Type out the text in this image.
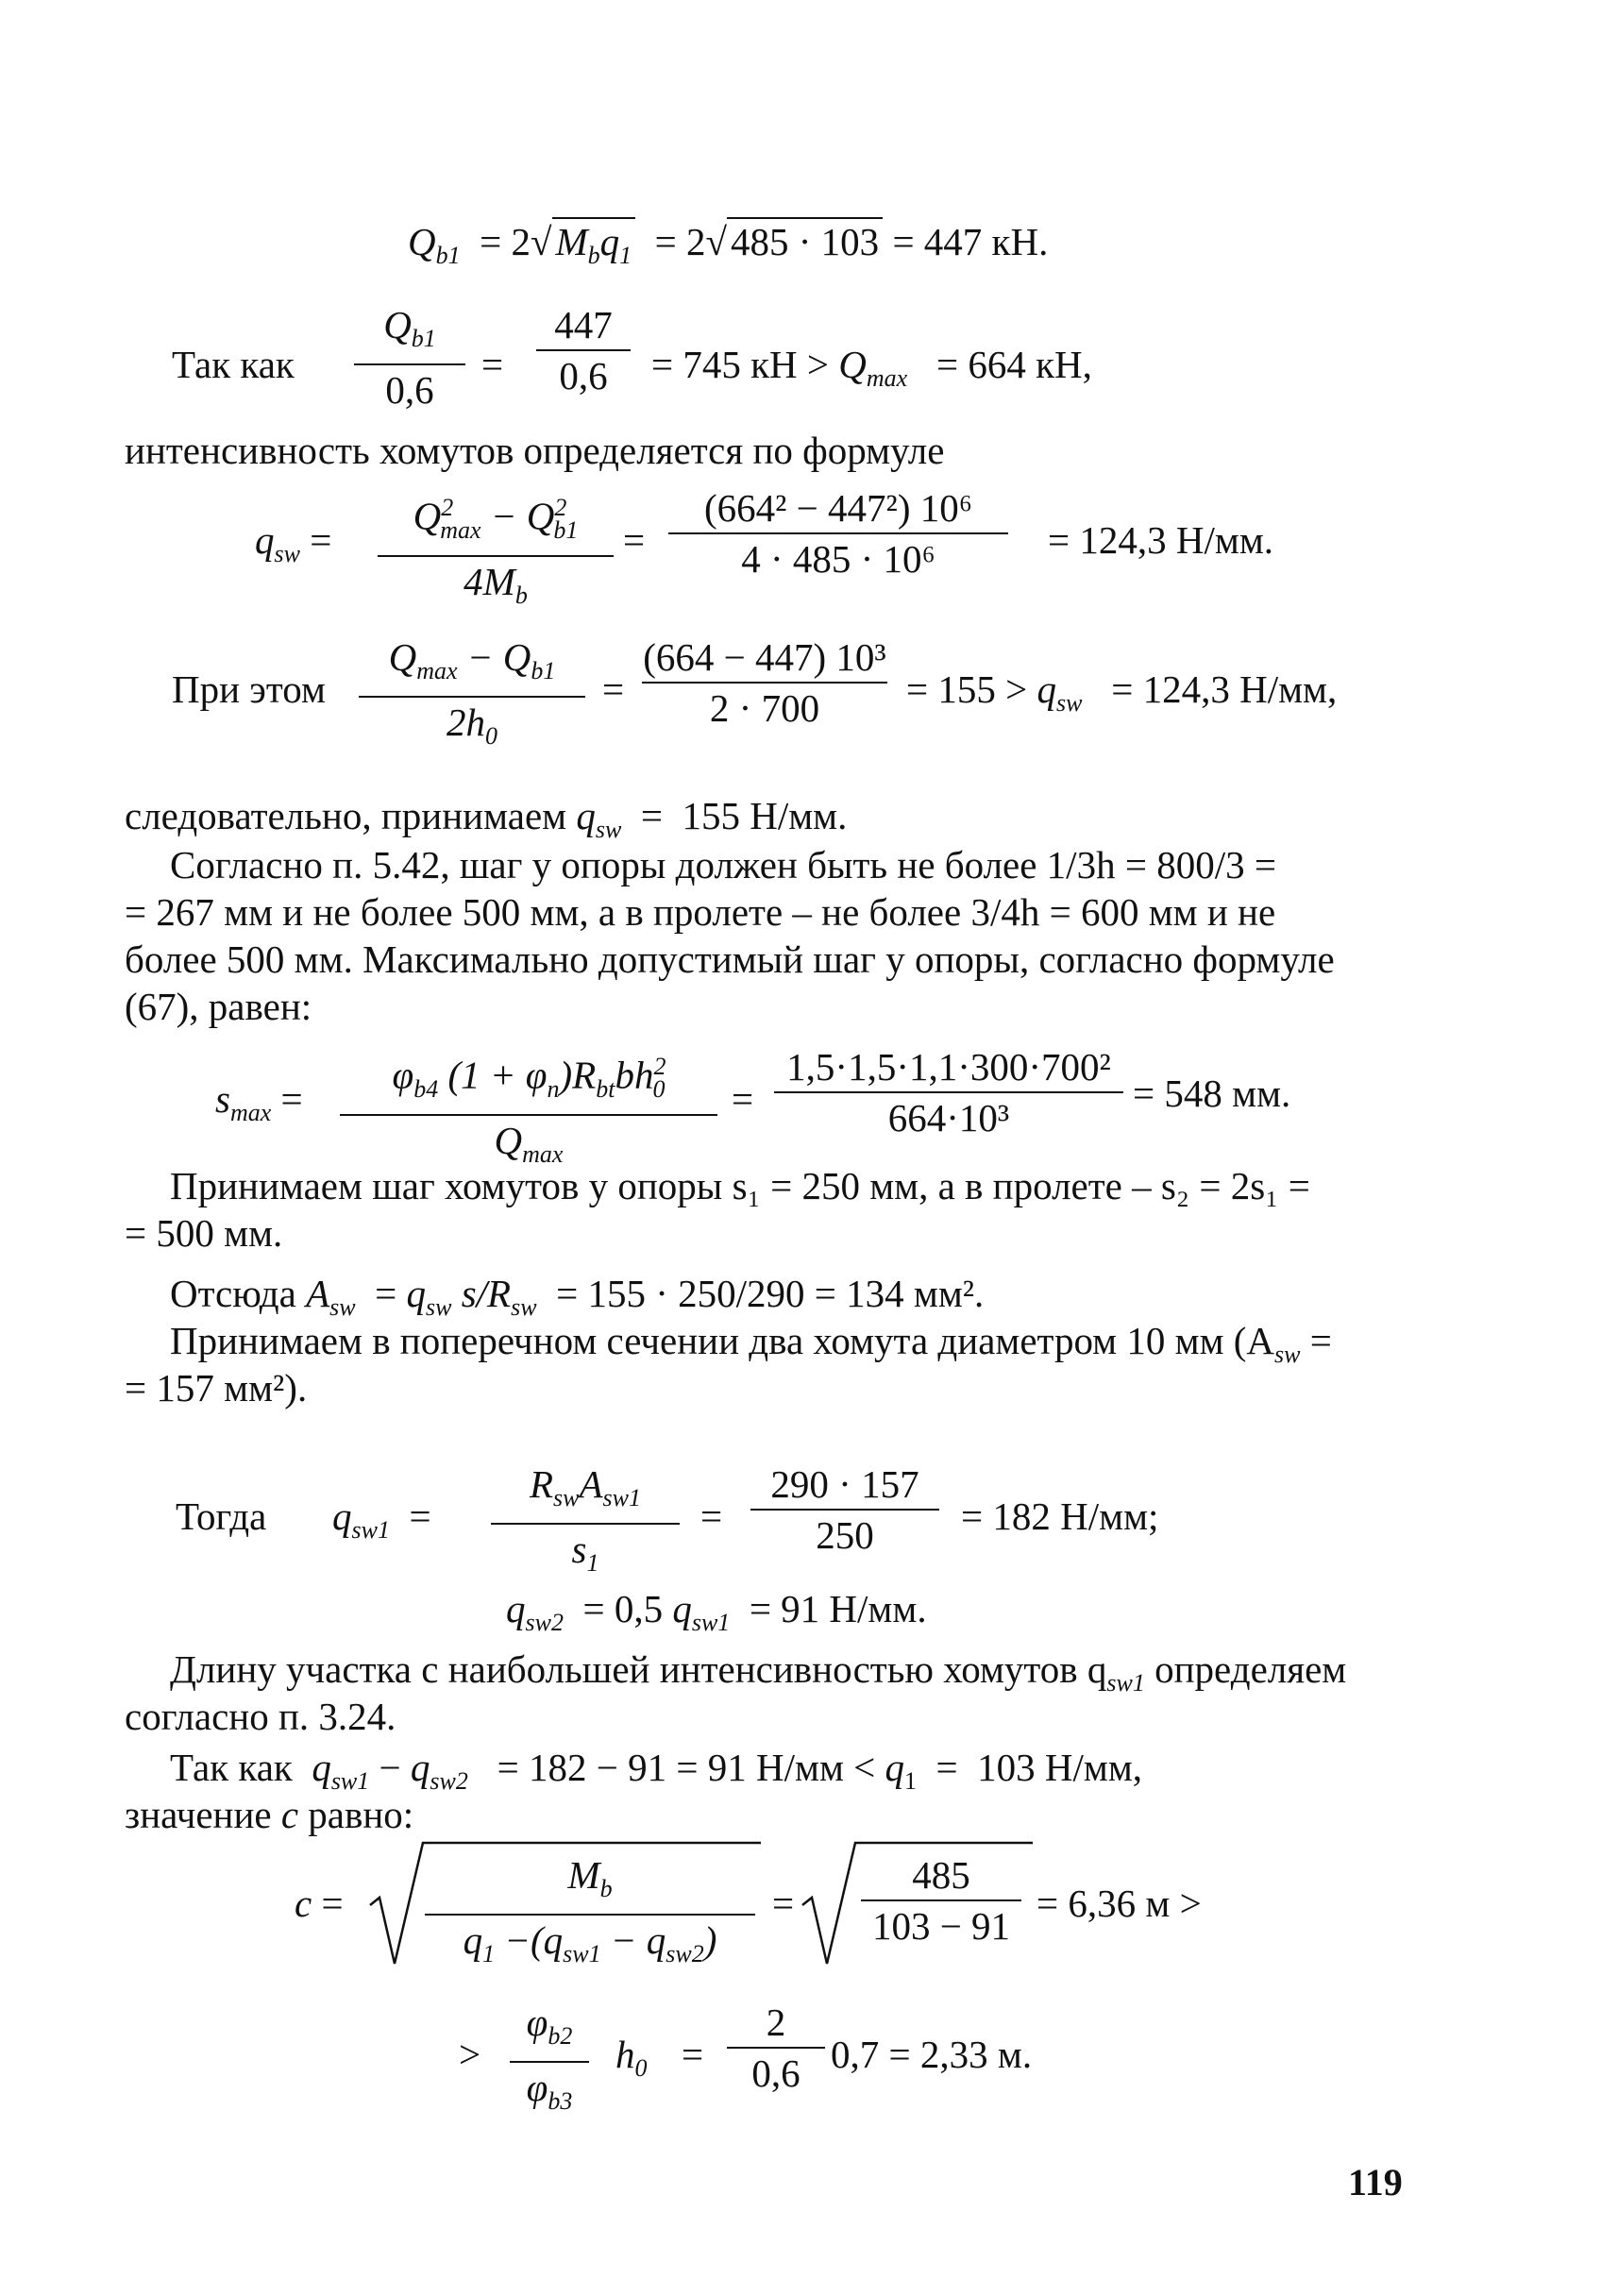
$Q_{b1} = 2√M_bq_1 = 2√485 \cdot 103 = 447$ кН.
Так как
$Q_{b1}$
0,6
=
447
0,6 = 745 кН > $Q_{max} = 664$ кН,
интенсивность хомутов определяется по формуле
$q_{sw}$ =
$Q^2_{max} - Q^2_{b1}$
$4M_b$
=
(664² − 447²) 10⁶
4 · 485 · 10⁶	= 124,3 Н/мм.
При этом
$Q_{max} - Q_{b1}$
$2h_0$
=
(664 − 447) 10³
$2 \cdot 700 = 155 > q_{sw} = 124,3$ Н/мм,
следовательно, принимаем $q_{sw} = 155$ Н/мм.
Согласно п. 5.42, шаг у опоры должен быть не более 1/3h = 800/3 =
= 267 мм и не более 500 мм, а в пролете – не более 3/4h = 600 мм и не
более 500 мм. Максимально допустимый шаг у опоры, согласно формуле
(67), равен:
$s_{max}$ =
$\varphi_{b4}$ $(1 + \varphi_n)R_{bt}bh^2_0$
$Q_{max}$
=
1,5·1,5·1,1·300·700²
664·10³
= 548 мм.
Принимаем шаг хомутов у опоры s₁ = 250 мм, а в пролете – s₂ = 2s₁ =
= 500 мм.
Отсюда $A_{sw} = q_{sw}$ $s/R_{sw} = 155 \cdot 250/290 = 134$ мм².
Принимаем в поперечном сечении два хомута диаметром 10 мм ($A_{sw}$ =
= 157 мм²).
Тогда $q_{sw1}$  =
$R_{sw}A_{sw1}$
$s_1$
=
290 · 157
250 = 182 Н/мм;
$q_{sw2} = 0,5$ $q_{sw1} = 91$ Н/мм.
Длину участка с наибольшей интенсивностью хомутов $q_{sw1}$ определяем
согласно п. 3.24.
Так как  $q_{sw1} - q_{sw2} = 182 - 91 = 91$ $Н/мм < q_1 = 103$ Н/мм,
значение c равно:
c =
$M_b$
$q_1 -(q_{sw1} - q_{sw2})$
=
485
103 − 91
= 6,36 м >
>
$\varphi_{b2}$
$\varphi_{b3}$
$h_0$ =
2
0,6 0,7 = 2,33 м.
119
